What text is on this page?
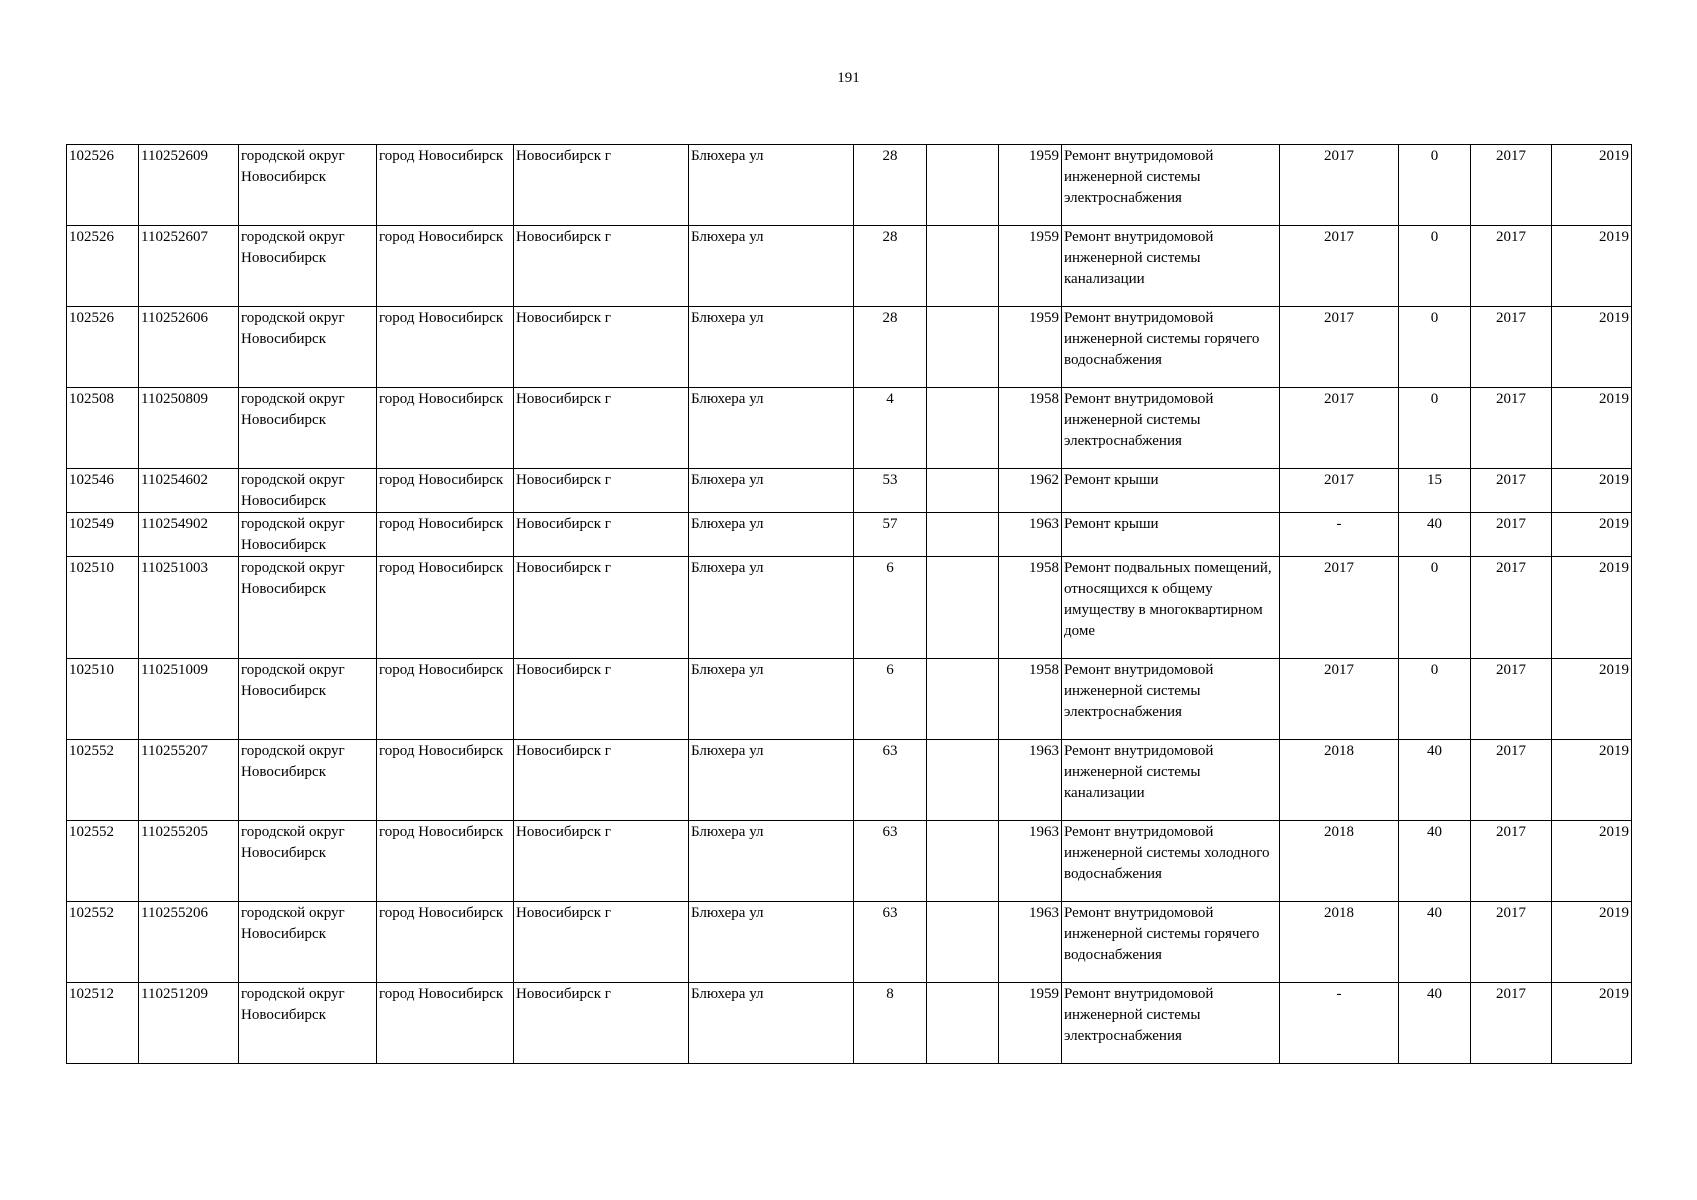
191
102526	110252609	городской округ Новосибирск	город Новосибирск	Новосибирск г	Блюхера ул	28		1959	Ремонт внутридомовой инженерной системы электроснабжения	2017	0	2017	2019
102526	110252607	городской округ Новосибирск	город Новосибирск	Новосибирск г	Блюхера ул	28		1959	Ремонт внутридомовой инженерной системы канализации	2017	0	2017	2019
102526	110252606	городской округ Новосибирск	город Новосибирск	Новосибирск г	Блюхера ул	28		1959	Ремонт внутридомовой инженерной системы горячего водоснабжения	2017	0	2017	2019
102508	110250809	городской округ Новосибирск	город Новосибирск	Новосибирск г	Блюхера ул	4		1958	Ремонт внутридомовой инженерной системы электроснабжения	2017	0	2017	2019
102546	110254602	городской округ Новосибирск	город Новосибирск	Новосибирск г	Блюхера ул	53		1962	Ремонт крыши	2017	15	2017	2019
102549	110254902	городской округ Новосибирск	город Новосибирск	Новосибирск г	Блюхера ул	57		1963	Ремонт крыши	-	40	2017	2019
102510	110251003	городской округ Новосибирск	город Новосибирск	Новосибирск г	Блюхера ул	6		1958	Ремонт подвальных помещений, относящихся к общему имуществу в многоквартирном доме	2017	0	2017	2019
102510	110251009	городской округ Новосибирск	город Новосибирск	Новосибирск г	Блюхера ул	6		1958	Ремонт внутридомовой инженерной системы электроснабжения	2017	0	2017	2019
102552	110255207	городской округ Новосибирск	город Новосибирск	Новосибирск г	Блюхера ул	63		1963	Ремонт внутридомовой инженерной системы канализации	2018	40	2017	2019
102552	110255205	городской округ Новосибирск	город Новосибирск	Новосибирск г	Блюхера ул	63		1963	Ремонт внутридомовой инженерной системы холодного водоснабжения	2018	40	2017	2019
102552	110255206	городской округ Новосибирск	город Новосибирск	Новосибирск г	Блюхера ул	63		1963	Ремонт внутридомовой инженерной системы горячего водоснабжения	2018	40	2017	2019
102512	110251209	городской округ Новосибирск	город Новосибирск	Новосибирск г	Блюхера ул	8		1959	Ремонт внутридомовой инженерной системы электроснабжения	-	40	2017	2019
